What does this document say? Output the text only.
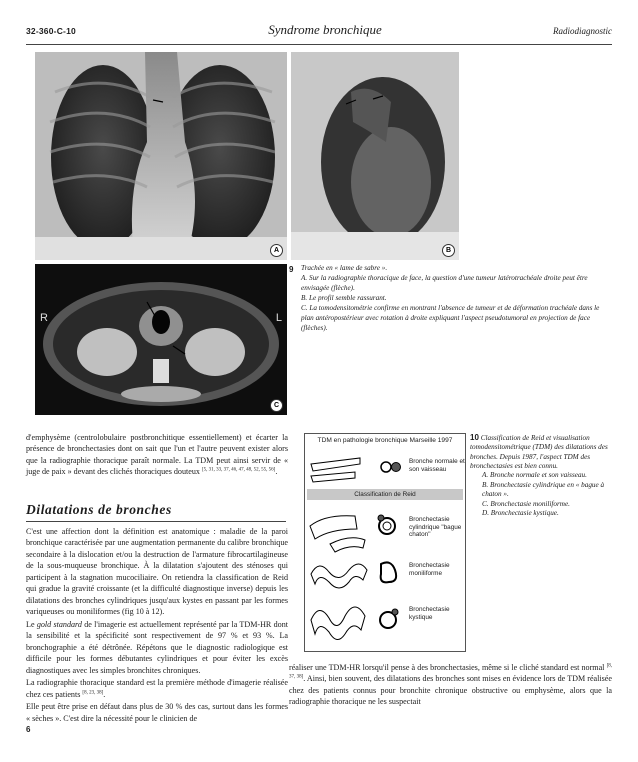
32-360-C-10	Syndrome bronchique	Radiodiagnostic
A	B
R	L
C
9 Trachée en « lame de sabre ».

A. Sur la radiographie thoracique de face, la question d'une tumeur latérotrachéale droite peut être envisagée (flèche).

B. Le profil semble rassurant.

C. La tomodensitométrie confirme en montrant l'absence de tumeur et de déformation trachéale dans le plan antéropostérieur avec rotation à droite expliquant l'aspect pseudotumoral en projection de face (flèches).

d'emphysème (centrolobulaire postbronchitique essentiellement) et écarter la présence de bronchectasies dont on sait que l'un et l'autre peuvent exister alors que la radiographie thoracique paraît normale. La TDM peut ainsi servir de « juge de paix » devant des clichés thoraciques douteux [5, 31, 33, 37, 46, 47, 48, 52, 55, 56].

Dilatations de bronches

C'est une affection dont la définition est anatomique : maladie de la paroi bronchique caractérisée par une augmentation permanente du calibre bronchique secondaire à la dislocation et/ou la destruction de l'armature fibrocartilagineuse de la sous-muqueuse bronchique. À la dilatation s'ajoutent des sténoses qui participent à la stagnation mucociliaire. On retiendra la classification de Reid qui gradue la gravité croissante (et la difficulté diagnostique inverse) depuis les dilatations des bronches cylindriques jusqu'aux kystes en passant par les formes variqueuses ou moniliformes (fig 10 à 12).

Le gold standard de l'imagerie est actuellement représenté par la TDM-HR dont la sensibilité et la spécificité sont respectivement de 97 % et 93 %. La bronchographie a été détrônée. Répétons que le diagnostic radiologique est difficile pour les formes débutantes cylindriques et pour éviter les excès diagnostiques avec les simples bronchites chroniques.

La radiographie thoracique standard est la première méthode d'imagerie réalisée chez ces patients [8, 23, 38].

Elle peut être prise en défaut dans plus de 30 % des cas, surtout dans les formes « sèches ». C'est dire la nécessité pour le clinicien de

TDM en pathologie bronchique Marseille 1997
Bronche normale et son vaisseau
Classification de Reid
Bronchectasie cylindrique "bague chaton"
Bronchectasie moniliforme
Bronchectasie kystique

10 Classification de Reid et visualisation tomodensitométrique (TDM) des dilatations des bronches. Depuis 1987, l'aspect TDM des bronchectasies est bien connu.

A. Bronche normale et son vaisseau.

B. Bronchectasie cylindrique en « bague à chaton ».

C. Bronchectasie moniliforme.

D. Bronchectasie kystique.

réaliser une TDM-HR lorsqu'il pense à des bronchectasies, même si le cliché standard est normal [8, 37, 38]. Ainsi, bien souvent, des dilatations des bronches sont mises en évidence lors de TDM réalisée chez des patients connus pour bronchite chronique obstructive ou emphysème, alors que la radiographie thoracique ne les suspectait

6
